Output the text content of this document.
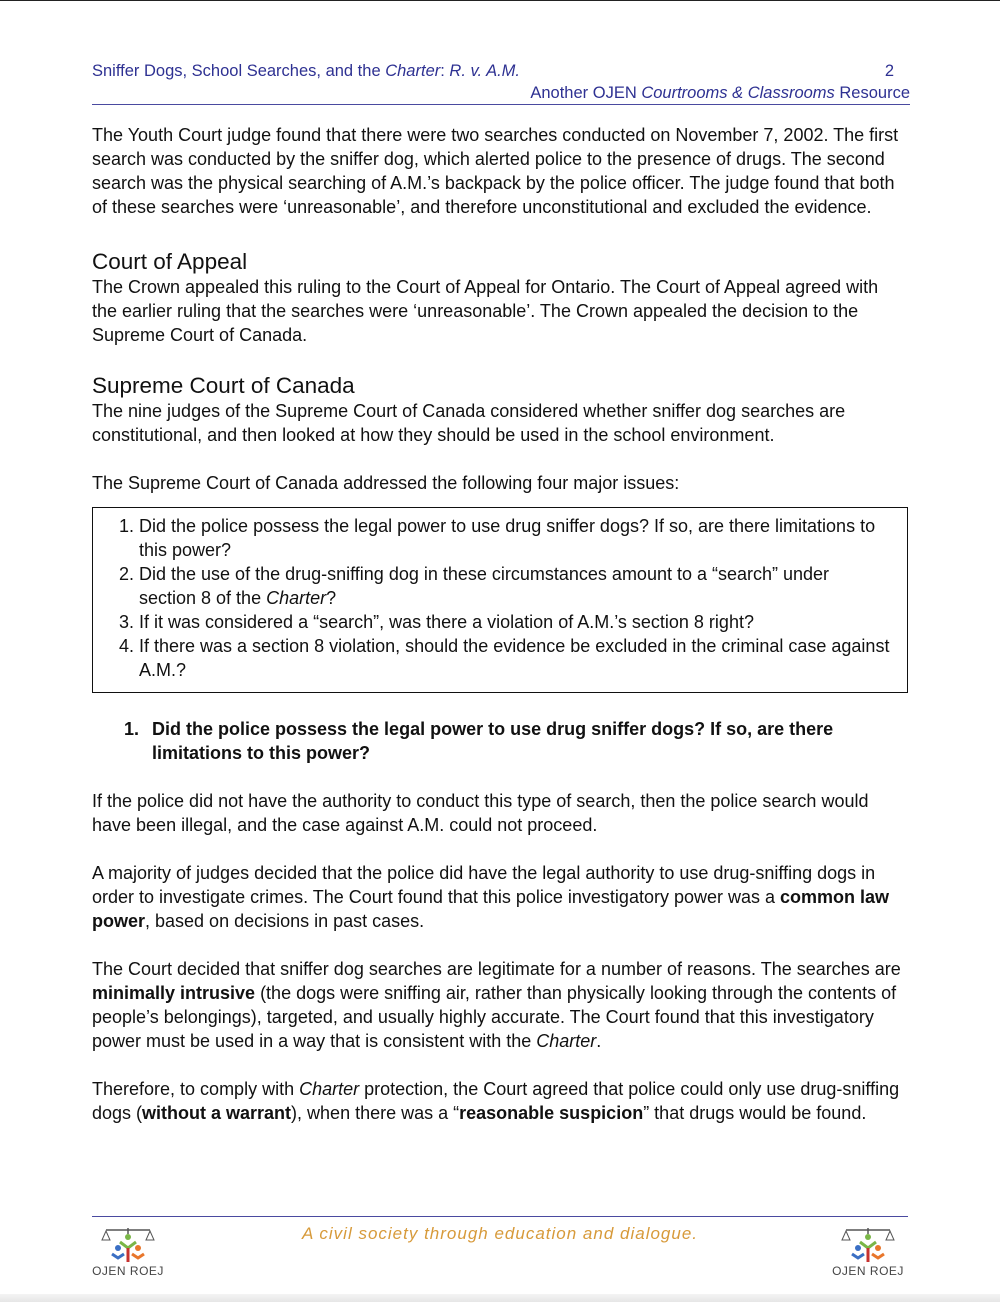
Sniffer Dogs, School Searches, and the Charter: R. v. A.M.	2
Another OJEN Courtrooms & Classrooms Resource

The Youth Court judge found that there were two searches conducted on November 7, 2002. The first search was conducted by the sniffer dog, which alerted police to the presence of drugs. The second search was the physical searching of A.M.’s backpack by the police officer. The judge found that both of these searches were ‘unreasonable’, and therefore unconstitutional and excluded the evidence.

Court of Appeal

The Crown appealed this ruling to the Court of Appeal for Ontario. The Court of Appeal agreed with the earlier ruling that the searches were ‘unreasonable’. The Crown appealed the decision to the Supreme Court of Canada.

Supreme Court of Canada

The nine judges of the Supreme Court of Canada considered whether sniffer dog searches are constitutional, and then looked at how they should be used in the school environment.

The Supreme Court of Canada addressed the following four major issues:

1. Did the police possess the legal power to use drug sniffer dogs? If so, are there limitations to this power?
2. Did the use of the drug-sniffing dog in these circumstances amount to a “search” under section 8 of the Charter?
3. If it was considered a “search”, was there a violation of A.M.’s section 8 right?
4. If there was a section 8 violation, should the evidence be excluded in the criminal case against A.M.?
1. Did the police possess the legal power to use drug sniffer dogs? If so, are there limitations to this power?

If the police did not have the authority to conduct this type of search, then the police search would have been illegal, and the case against A.M. could not proceed.

A majority of judges decided that the police did have the legal authority to use drug-sniffing dogs in order to investigate crimes. The Court found that this police investigatory power was a common law power, based on decisions in past cases.

The Court decided that sniffer dog searches are legitimate for a number of reasons. The searches are minimally intrusive (the dogs were sniffing air, rather than physically looking through the contents of people’s belongings), targeted, and usually highly accurate. The Court found that this investigatory power must be used in a way that is consistent with the Charter.

Therefore, to comply with Charter protection, the Court agreed that police could only use drug-sniffing dogs (without a warrant), when there was a “reasonable suspicion” that drugs would be found.

A civil society through education and dialogue.
OJEN ROEJ	OJEN ROEJ
